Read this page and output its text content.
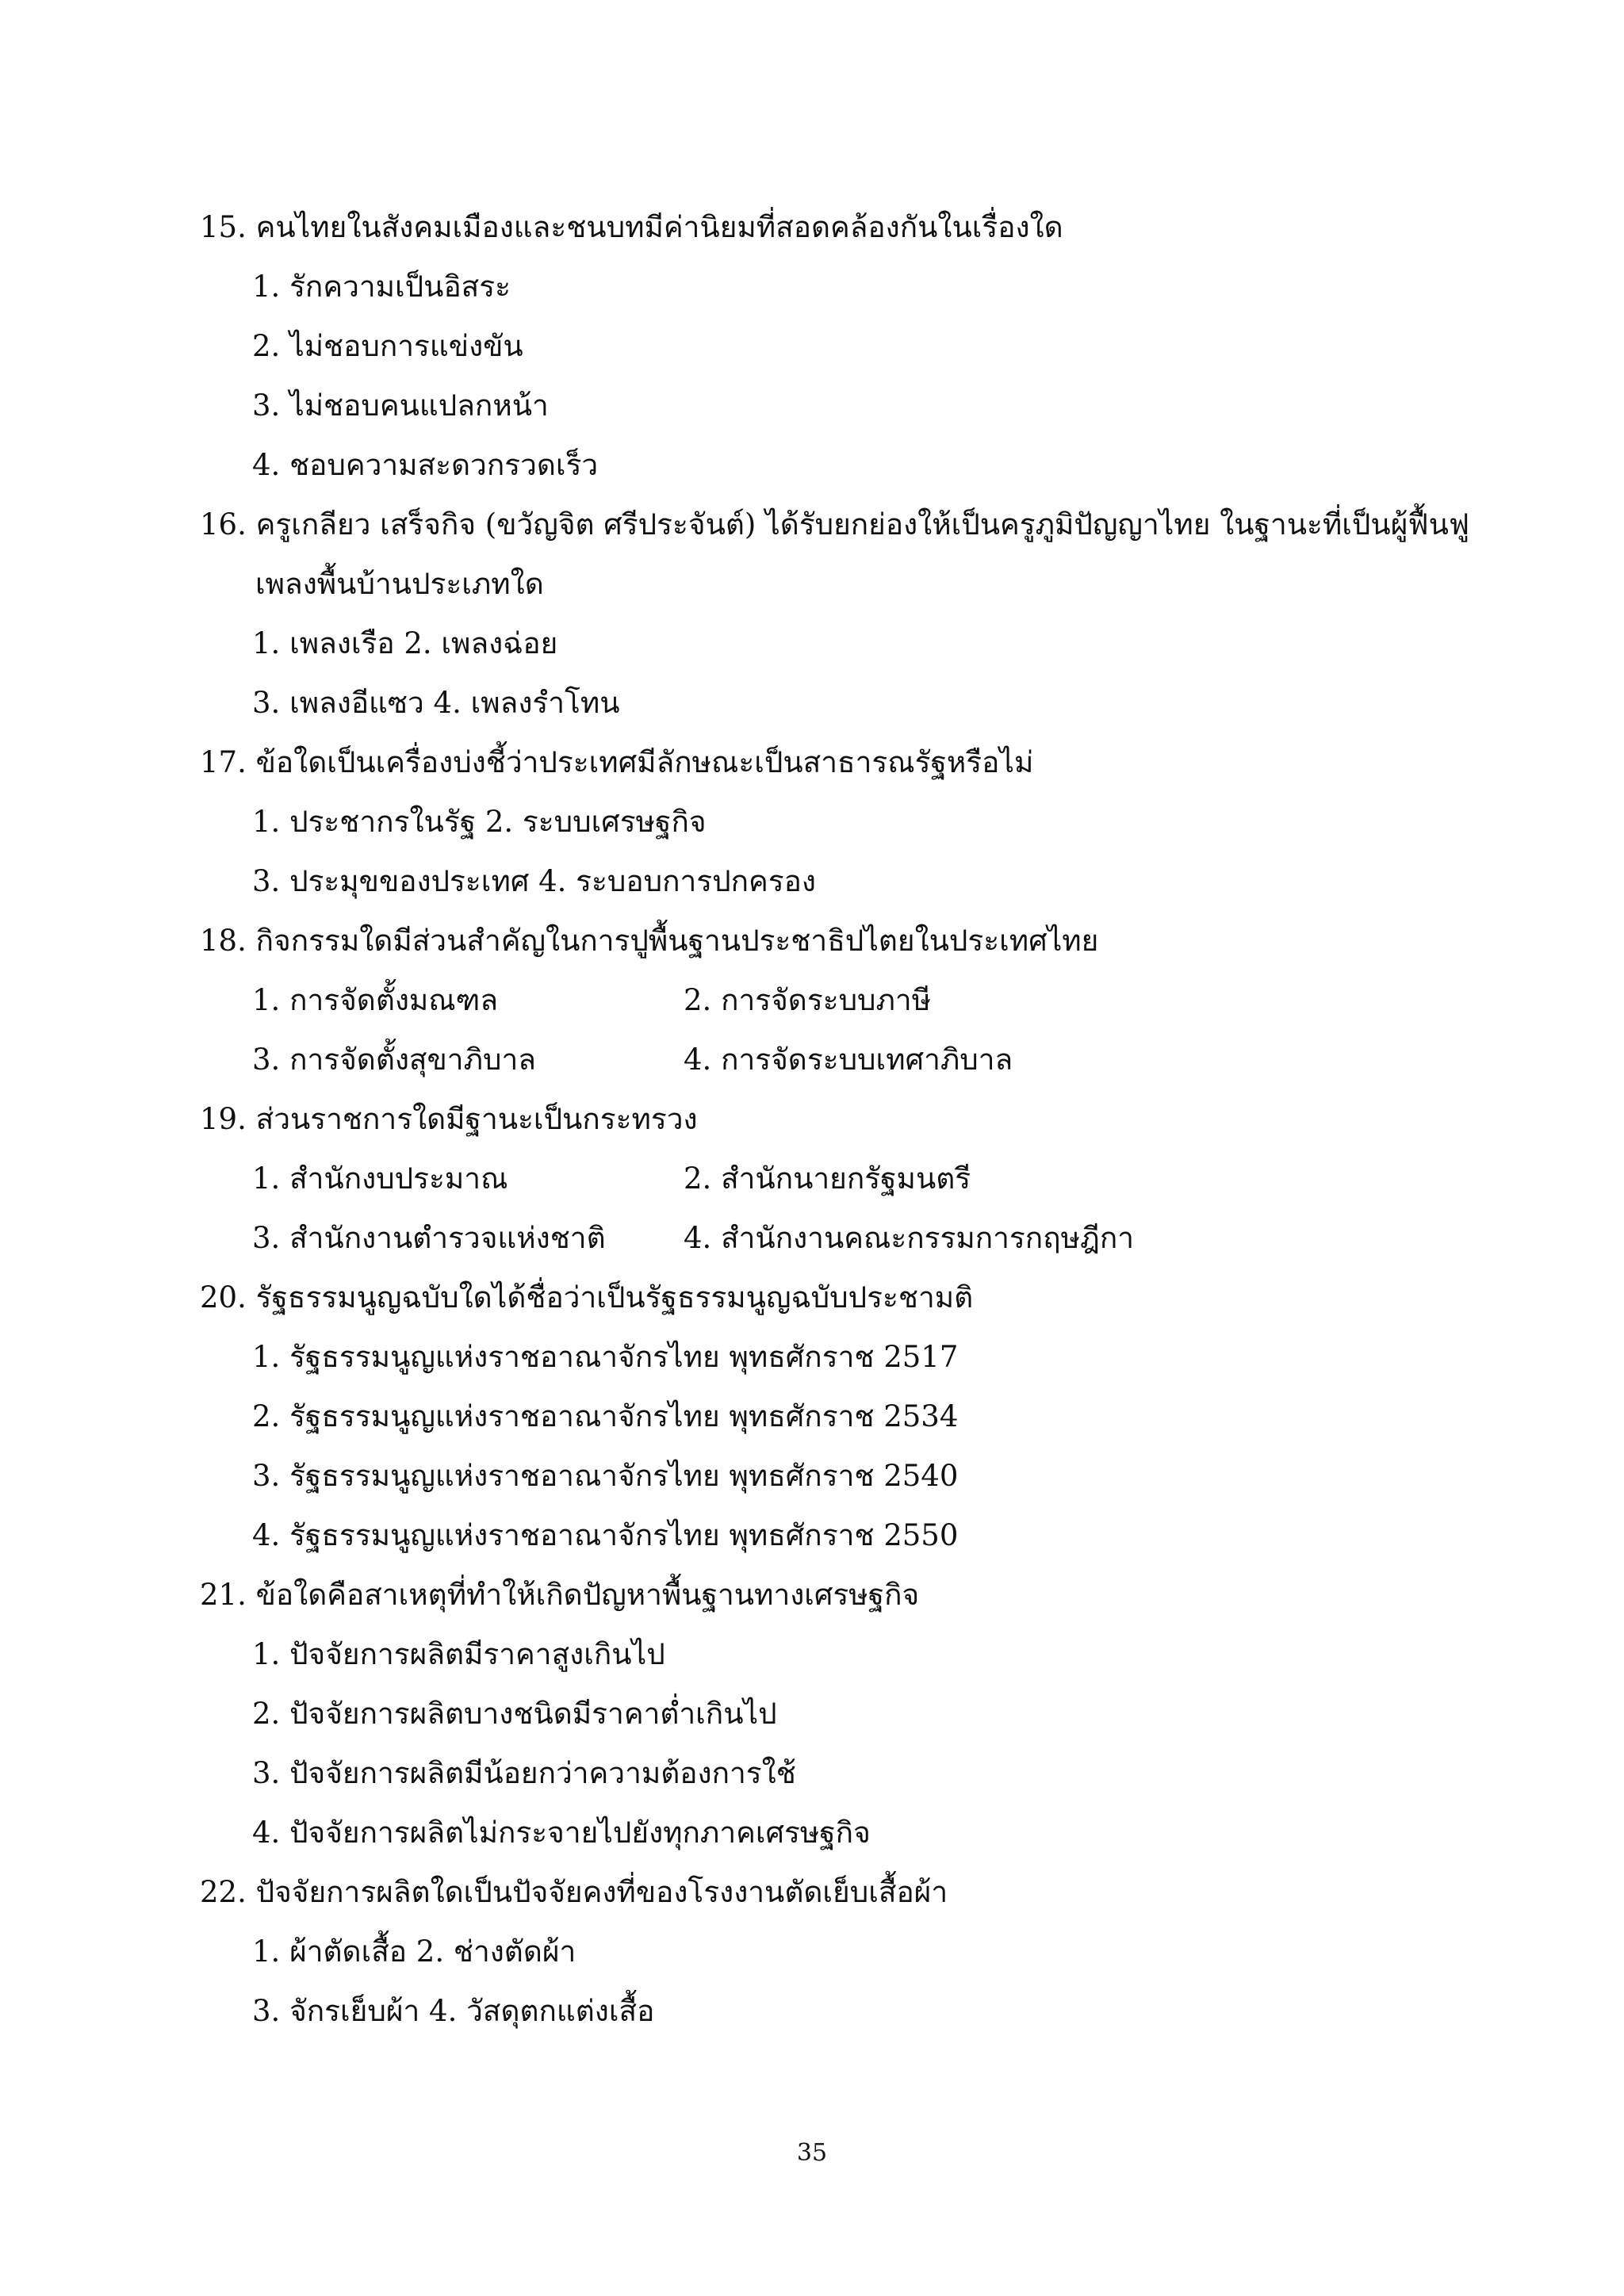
15. คนไทยในสังคมเมืองและชนบทมีค่านิยมที่สอดคล้องกันในเรื่องใด
1. รักความเป็นอิสระ
2. ไม่ชอบการแข่งขัน
3. ไม่ชอบคนแปลกหน้า
4. ชอบความสะดวกรวดเร็ว
16. ครูเกลียว เสร็จกิจ (ขวัญจิต ศรีประจันต์) ได้รับยกย่องให้เป็นครูภูมิปัญญาไทย ในฐานะที่เป็นผู้ฟื้นฟู
เพลงพื้นบ้านประเภทใด
1. เพลงเรือ 2. เพลงฉ่อย
3. เพลงอีแซว 4. เพลงรำโทน
17. ข้อใดเป็นเครื่องบ่งชี้ว่าประเทศมีลักษณะเป็นสาธารณรัฐหรือไม่
1. ประชากรในรัฐ 2. ระบบเศรษฐกิจ
3. ประมุขของประเทศ 4. ระบอบการปกครอง
18. กิจกรรมใดมีส่วนสำคัญในการปูพื้นฐานประชาธิปไตยในประเทศไทย
1. การจัดตั้งมณฑล	2. การจัดระบบภาษี
3. การจัดตั้งสุขาภิบาล	4. การจัดระบบเทศาภิบาล
19. ส่วนราชการใดมีฐานะเป็นกระทรวง
1. สำนักงบประมาณ	2. สำนักนายกรัฐมนตรี
3. สำนักงานตำรวจแห่งชาติ	4. สำนักงานคณะกรรมการกฤษฎีกา
20. รัฐธรรมนูญฉบับใดได้ชื่อว่าเป็นรัฐธรรมนูญฉบับประชามติ
1. รัฐธรรมนูญแห่งราชอาณาจักรไทย พุทธศักราช 2517
2. รัฐธรรมนูญแห่งราชอาณาจักรไทย พุทธศักราช 2534
3. รัฐธรรมนูญแห่งราชอาณาจักรไทย พุทธศักราช 2540
4. รัฐธรรมนูญแห่งราชอาณาจักรไทย พุทธศักราช 2550
21. ข้อใดคือสาเหตุที่ทำให้เกิดปัญหาพื้นฐานทางเศรษฐกิจ
1. ปัจจัยการผลิตมีราคาสูงเกินไป
2. ปัจจัยการผลิตบางชนิดมีราคาต่ำเกินไป
3. ปัจจัยการผลิตมีน้อยกว่าความต้องการใช้
4. ปัจจัยการผลิตไม่กระจายไปยังทุกภาคเศรษฐกิจ
22. ปัจจัยการผลิตใดเป็นปัจจัยคงที่ของโรงงานตัดเย็บเสื้อผ้า
1. ผ้าตัดเสื้อ 2. ช่างตัดผ้า
3. จักรเย็บผ้า 4. วัสดุตกแต่งเสื้อ
35
